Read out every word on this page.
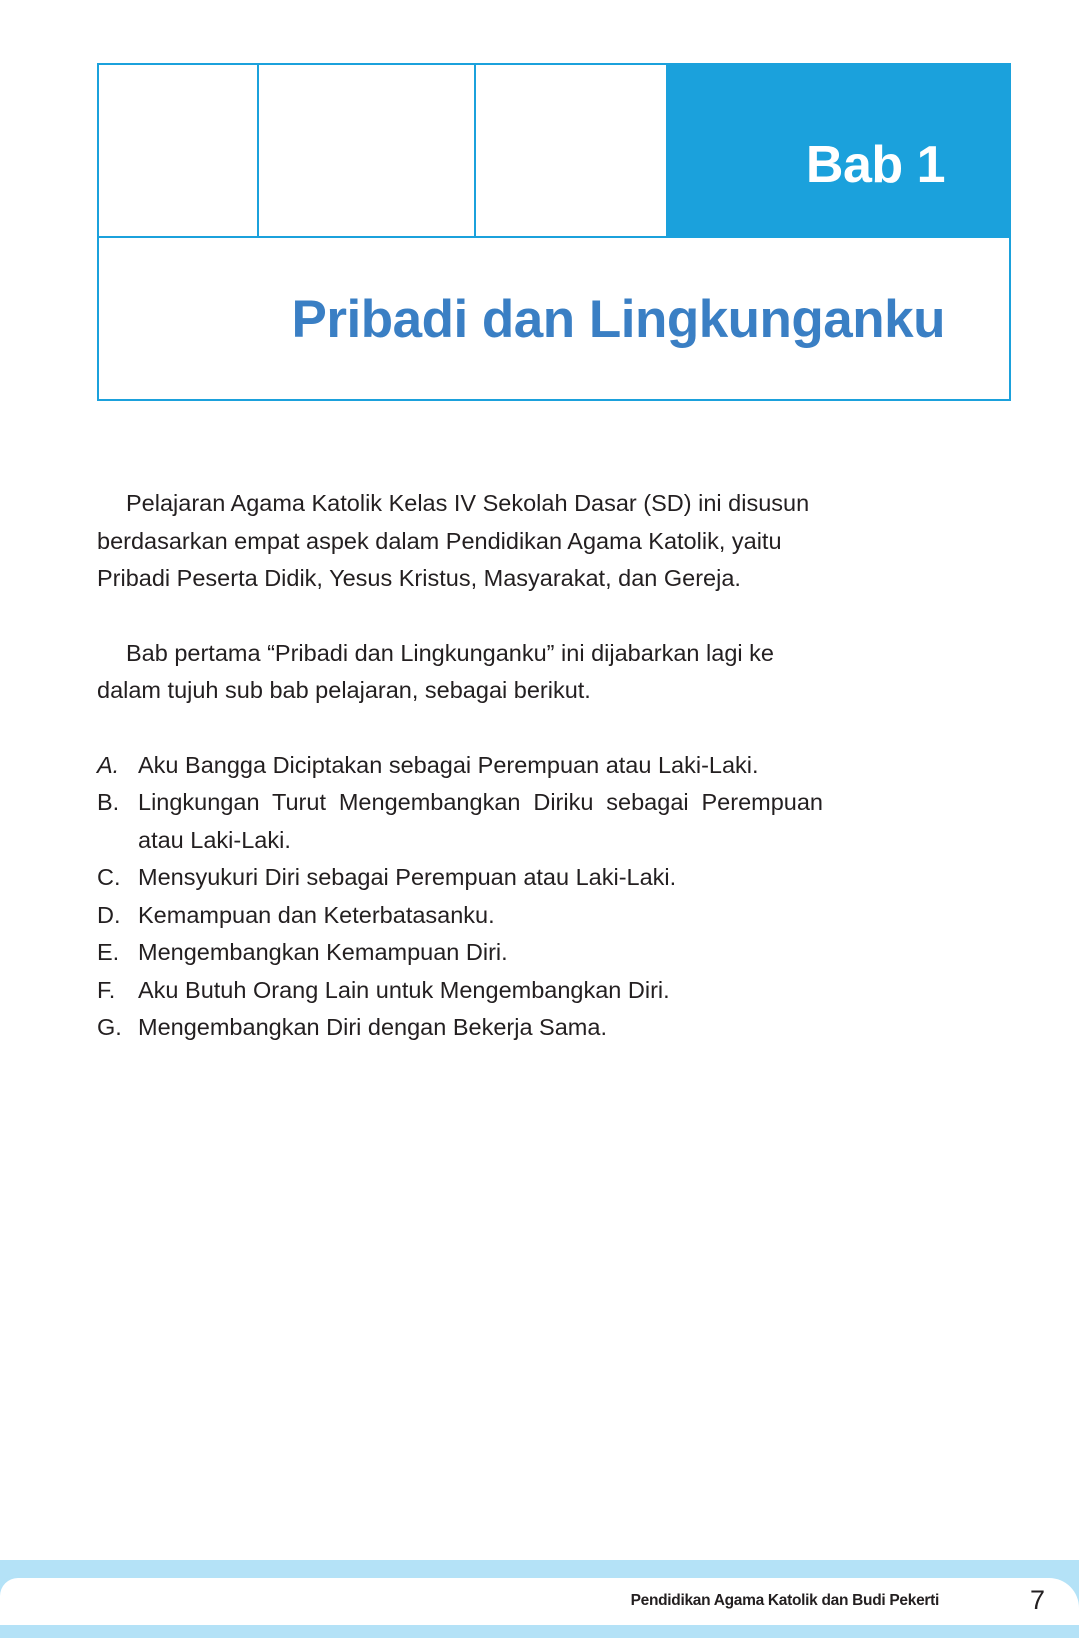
Bab 1
Pribadi dan Lingkunganku

Pelajaran Agama Katolik Kelas IV Sekolah Dasar (SD) ini disusun berdasarkan empat aspek dalam Pendidikan Agama Katolik, yaitu Pribadi Peserta Didik, Yesus Kristus, Masyarakat, dan Gereja.

Bab pertama “Pribadi dan Lingkunganku” ini dijabarkan lagi ke dalam tujuh sub bab pelajaran, sebagai berikut.

A. Aku Bangga Diciptakan sebagai Perempuan atau Laki-Laki.
B. Lingkungan Turut Mengembangkan Diriku sebagai Perempuan atau Laki-Laki.
C. Mensyukuri Diri sebagai Perempuan atau Laki-Laki.
D. Kemampuan dan Keterbatasanku.
E. Mengembangkan Kemampuan Diri.
F. Aku Butuh Orang Lain untuk Mengembangkan Diri.
G. Mengembangkan Diri dengan Bekerja Sama.
Pendidikan Agama Katolik dan Budi Pekerti	7
